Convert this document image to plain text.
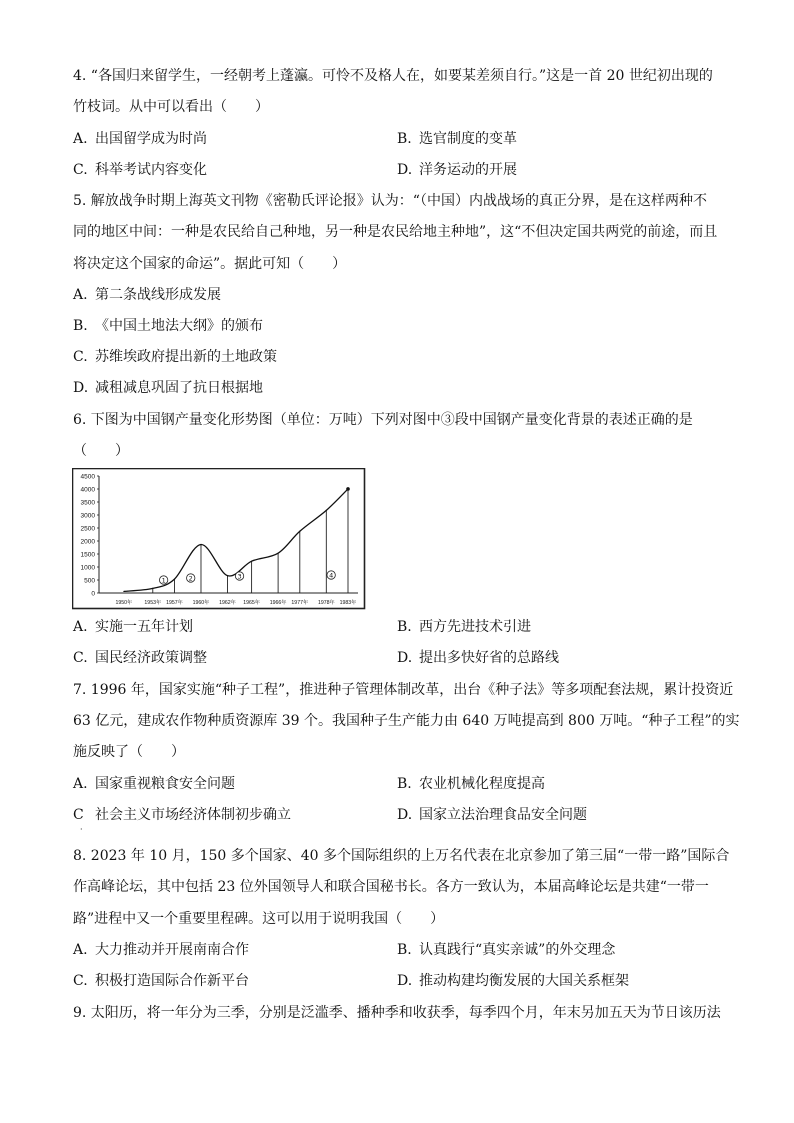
4. “各国归来留学生，一经朝考上蓬瀛。可怜不及格人在，如要某差须自行。”这是一首 20 世纪初出现的
竹枝词。从中可以看出（　　）
A. 出国留学成为时尚	B. 选官制度的变革
C. 科举考试内容变化	D. 洋务运动的开展
5. 解放战争时期上海英文刊物《密勒氏评论报》认为：“（中国）内战战场的真正分界，是在这样两种不
同的地区中间：一种是农民给自己种地，另一种是农民给地主种地”，这“不但决定国共两党的前途，而且
将决定这个国家的命运”。据此可知（　　）
A. 第二条战线形成发展
B. 《中国土地法大纲》的颁布
C. 苏维埃政府提出新的土地政策
D. 减租减息巩固了抗日根据地
6. 下图为中国钢产量变化形势图（单位：万吨）下列对图中③段中国钢产量变化背景的表述正确的是
（　　）
4500
4000
3500
3000
2500
2000
1500
1000
500
0
1950年 1953年 1957年 1960年 1962年 1965年 1966年 1977年 1978年 1983年
1	2	3	4
A. 实施一五年计划	B. 西方先进技术引进
C. 国民经济政策调整	D. 提出多快好省的总路线
7. 1996 年，国家实施“种子工程”，推进种子管理体制改革，出台《种子法》等多项配套法规，累计投资近
63 亿元，建成农作物种质资源库 39 个。我国种子生产能力由 640 万吨提高到 800 万吨。“种子工程”的实
施反映了（　　）
A. 国家重视粮食安全问题	B. 农业机械化程度提高
C 社会主义市场经济体制初步确立	D. 国家立法治理食品安全问题
·
8. 2023 年 10 月，150 多个国家、40 多个国际组织的上万名代表在北京参加了第三届“一带一路”国际合
作高峰论坛，其中包括 23 位外国领导人和联合国秘书长。各方一致认为，本届高峰论坛是共建“一带一
路”进程中又一个重要里程碑。这可以用于说明我国（　　）
A. 大力推动并开展南南合作	B. 认真践行“真实亲诚”的外交理念
C. 积极打造国际合作新平台	D. 推动构建均衡发展的大国关系框架
9. 太阳历，将一年分为三季，分别是泛滥季、播种季和收获季，每季四个月，年末另加五天为节日该历法
